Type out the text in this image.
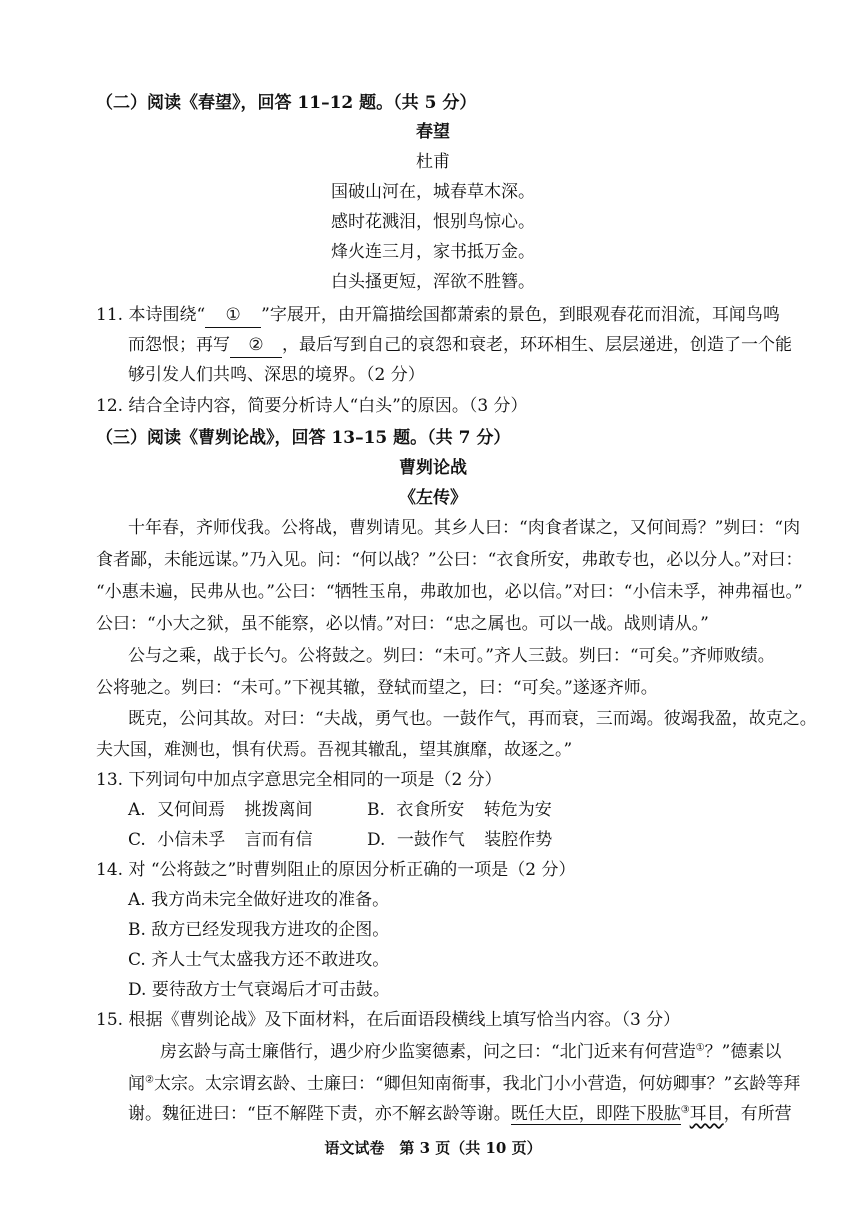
（二）阅读《春望》，回答 11–12 题。（共 5 分）
春望
杜甫
国破山河在，城春草木深。
感时花溅泪，恨别鸟惊心。
烽火连三月，家书抵万金。
白头搔更短，浑欲不胜簪。
11. 本诗围绕“ ① ”字展开，由开篇描绘国都萧索的景色，到眼观春花而泪流，耳闻鸟鸣
而怨恨；再写 ② ，最后写到自己的哀怨和衰老，环环相生、层层递进，创造了一个能
够引发人们共鸣、深思的境界。（2 分）
12. 结合全诗内容，简要分析诗人“白头”的原因。（3 分）
（三）阅读《曹刿论战》，回答 13–15 题。（共 7 分）
曹刿论战
《左传》
十年春，齐师伐我。公将战，曹刿请见。其乡人曰：“肉食者谋之，又何间焉？”刿曰：“肉
食者鄙，未能远谋。”乃入见。问：“何以战？”公曰：“衣食所安，弗敢专也，必以分人。”对曰：
“小惠未遍，民弗从也。”公曰：“牺牲玉帛，弗敢加也，必以信。”对曰：“小信未孚，神弗福也。”
公曰：“小大之狱，虽不能察，必以情。”对曰：“忠之属也。可以一战。战则请从。”
公与之乘，战于长勺。公将鼓之。刿曰：“未可。”齐人三鼓。刿曰：“可矣。”齐师败绩。
公将驰之。刿曰：“未可。”下视其辙，登轼而望之，曰：“可矣。”遂逐齐师。
既克，公问其故。对曰：“夫战，勇气也。一鼓作气，再而衰，三而竭。彼竭我盈，故克之。
夫大国，难测也，惧有伏焉。吾视其辙乱，望其旗靡，故逐之。”
13. 下列词句中加点字意思完全相同的一项是（2 分）
A. 又何间焉 挑拨离间	B. 衣食所安 转危为安
C. 小信未孚 言而有信	D. 一鼓作气 装腔作势
14. 对 “公将鼓之”时曹刿阻止的原因分析正确的一项是（2 分）
A. 我方尚未完全做好进攻的准备。
B. 敌方已经发现我方进攻的企图。
C. 齐人士气太盛我方还不敢进攻。
D. 要待敌方士气衰竭后才可击鼓。
15. 根据《曹刿论战》及下面材料，在后面语段横线上填写恰当内容。（3 分）
房玄龄与高士廉偕行，遇少府少监窦德素，问之曰：“北门近来有何营造①？”德素以
闻②太宗。太宗谓玄龄、士廉曰：“卿但知南衙事，我北门小小营造，何妨卿事？”玄龄等拜
谢。魏征进曰：“臣不解陛下责，亦不解玄龄等谢。既任大臣，即陛下股肱③耳目，有所营
语文试卷　第 3 页（共 10 页）
